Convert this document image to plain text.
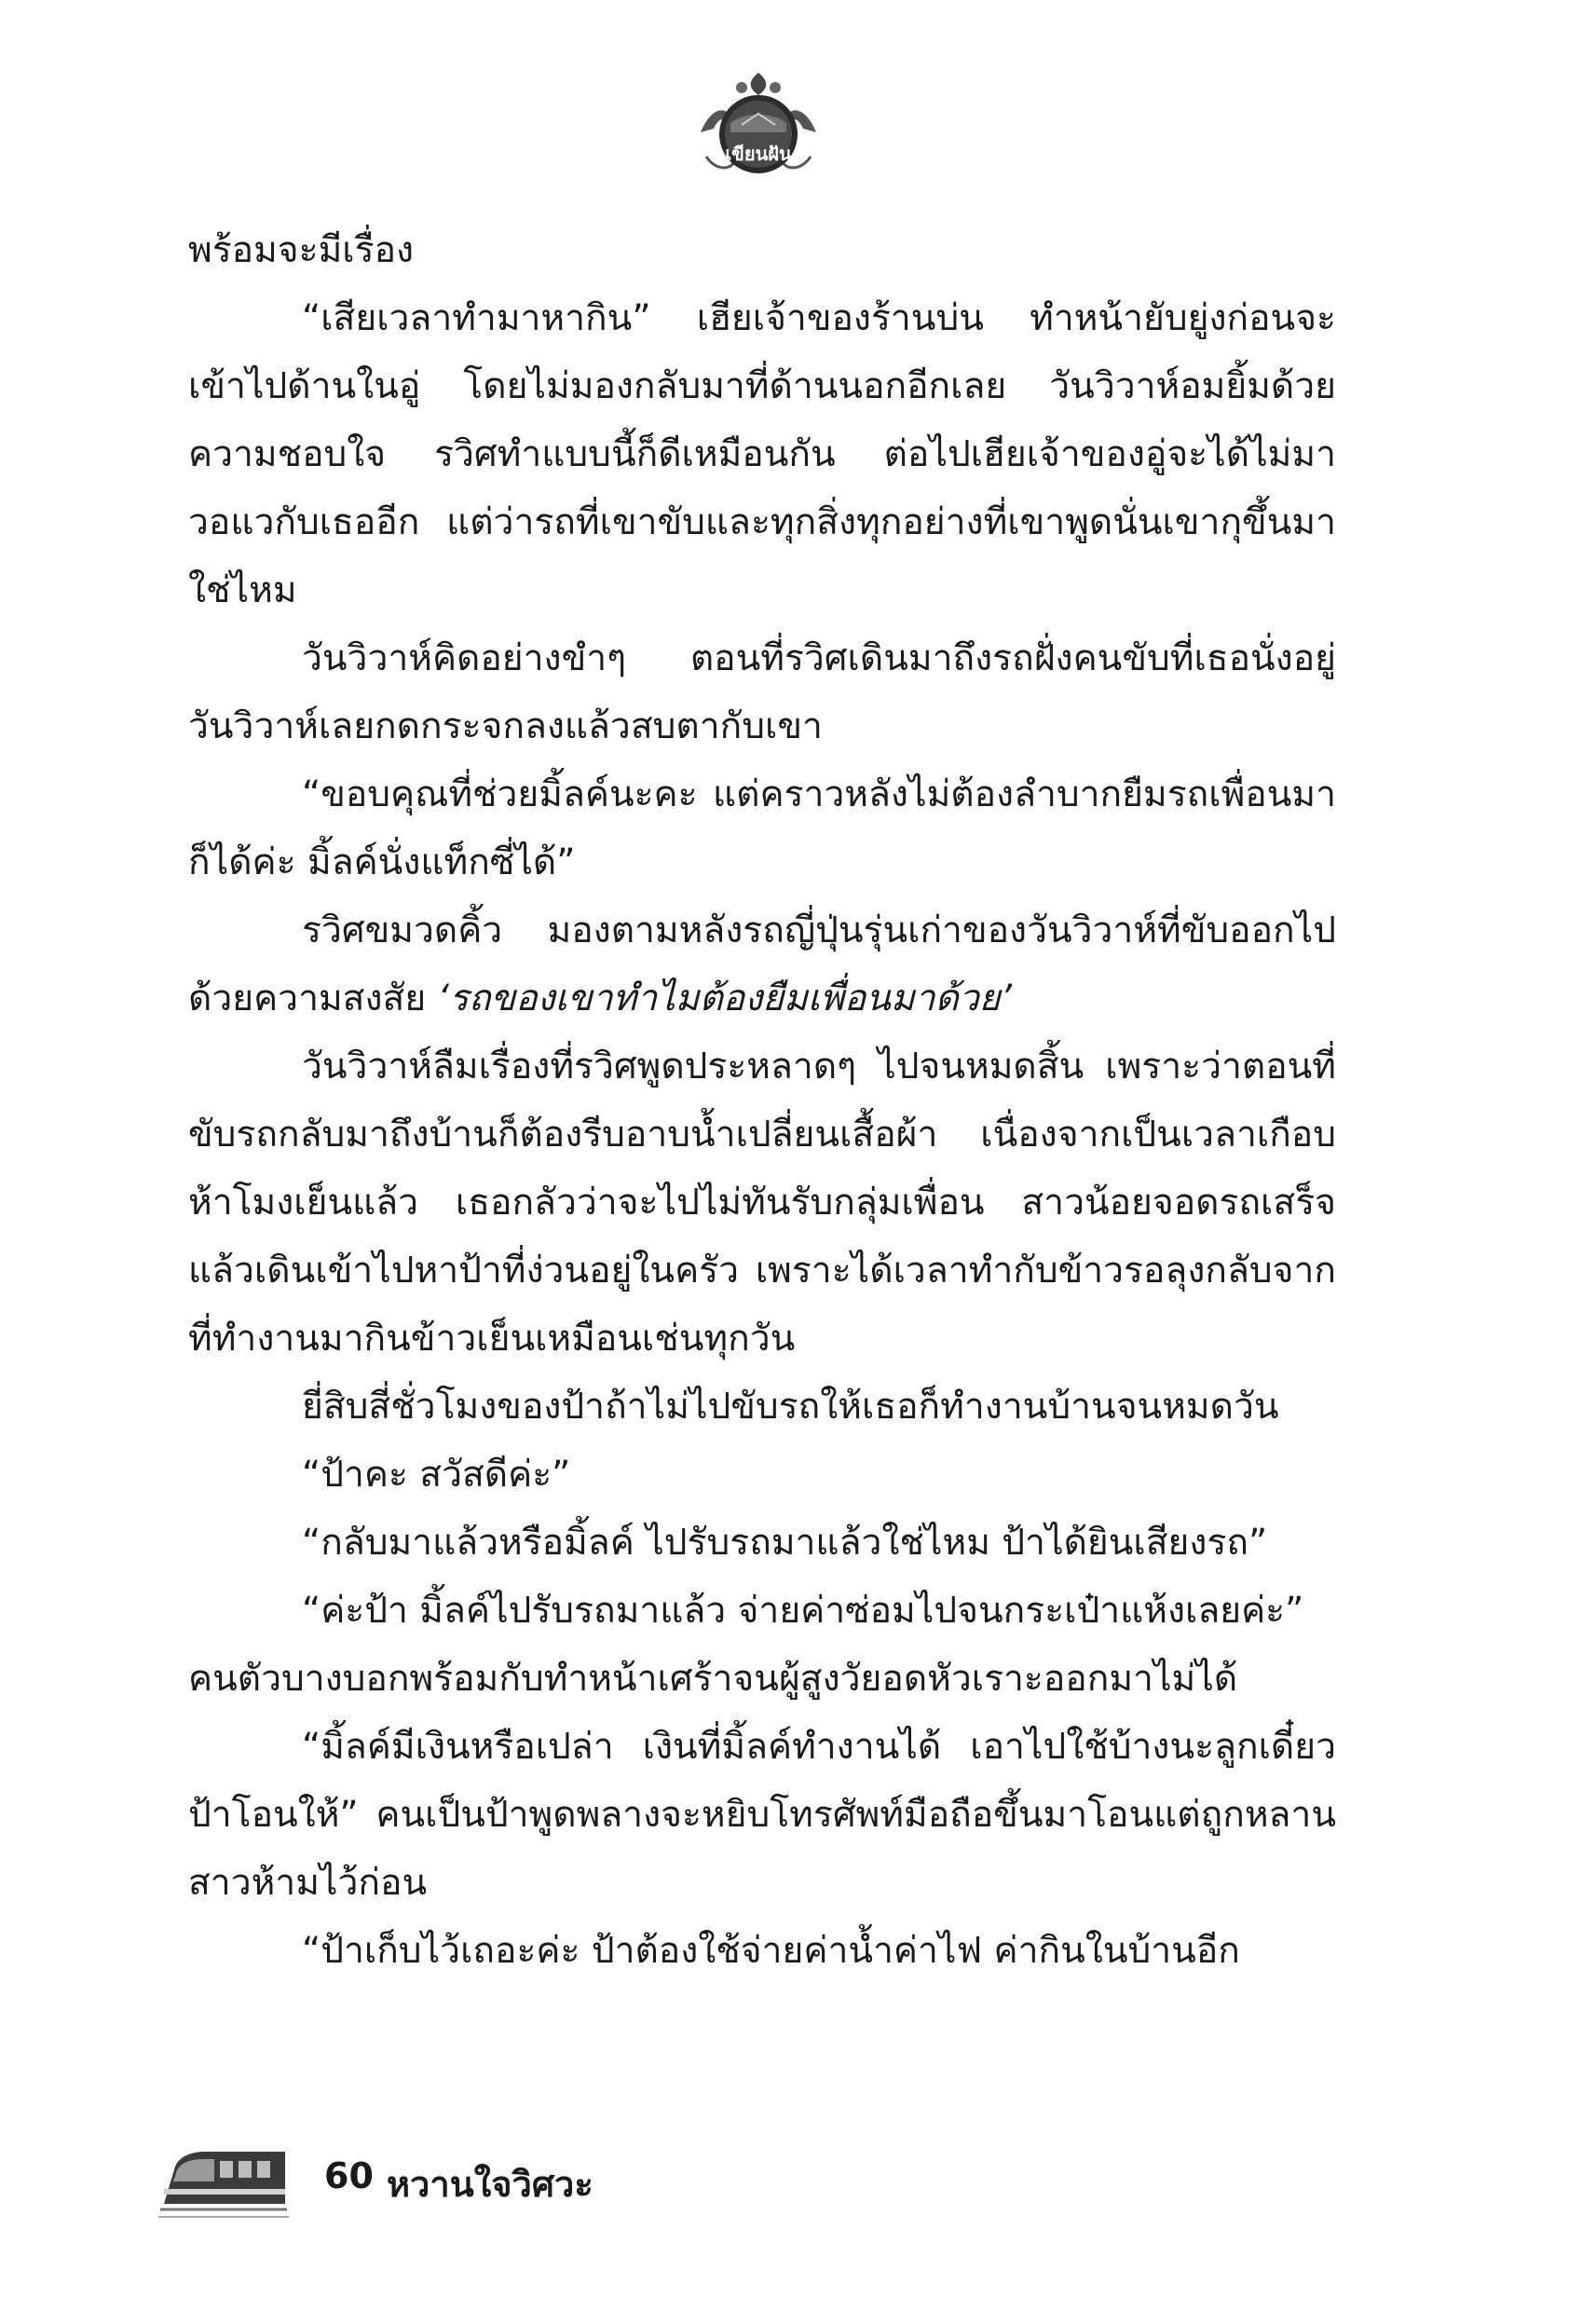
เขียนฝัน

พร้อมจะมีเรื่อง

“เสียเวลาทำมาหากิน” เฮียเจ้าของร้านบ่น ทำหน้ายับยู่งก่อนจะเข้าไปด้านในอู่ โดยไม่มองกลับมาที่ด้านนอกอีกเลย วันวิวาห์อมยิ้มด้วยความชอบใจ รวิศทำแบบนี้ก็ดีเหมือนกัน ต่อไปเฮียเจ้าของอู่จะได้ไม่มาวอแวกับเธออีก แต่ว่ารถที่เขาขับและทุกสิ่งทุกอย่างที่เขาพูดนั่นเขากุขึ้นมาใช่ไหม

วันวิวาห์คิดอย่างขำๆ ตอนที่รวิศเดินมาถึงรถฝั่งคนขับที่เธอนั่งอยู่ วันวิวาห์เลยกดกระจกลงแล้วสบตากับเขา

“ขอบคุณที่ช่วยมิ้ลค์นะคะ แต่คราวหลังไม่ต้องลำบากยืมรถเพื่อนมาก็ได้ค่ะ มิ้ลค์นั่งแท็กซี่ได้”

รวิศขมวดคิ้ว มองตามหลังรถญี่ปุ่นรุ่นเก่าของวันวิวาห์ที่ขับออกไปด้วยความสงสัย ‘รถของเขาทำไมต้องยืมเพื่อนมาด้วย’

วันวิวาห์ลืมเรื่องที่รวิศพูดประหลาดๆ ไปจนหมดสิ้น เพราะว่าตอนที่ขับรถกลับมาถึงบ้านก็ต้องรีบอาบน้ำเปลี่ยนเสื้อผ้า เนื่องจากเป็นเวลาเกือบห้าโมงเย็นแล้ว เธอกลัวว่าจะไปไม่ทันรับกลุ่มเพื่อน สาวน้อยจอดรถเสร็จแล้วเดินเข้าไปหาป้าที่ง่วนอยู่ในครัว เพราะได้เวลาทำกับข้าวรอลุงกลับจากที่ทำงานมากินข้าวเย็นเหมือนเช่นทุกวัน

ยี่สิบสี่ชั่วโมงของป้าถ้าไม่ไปขับรถให้เธอก็ทำงานบ้านจนหมดวัน

“ป้าคะ สวัสดีค่ะ”

“กลับมาแล้วหรือมิ้ลค์ ไปรับรถมาแล้วใช่ไหม ป้าได้ยินเสียงรถ”

“ค่ะป้า มิ้ลค์ไปรับรถมาแล้ว จ่ายค่าซ่อมไปจนกระเป๋าแห้งเลยค่ะ”

คนตัวบางบอกพร้อมกับทำหน้าเศร้าจนผู้สูงวัยอดหัวเราะออกมาไม่ได้

“มิ้ลค์มีเงินหรือเปล่า เงินที่มิ้ลค์ทำงานได้ เอาไปใช้บ้างนะลูกเดี๋ยวป้าโอนให้” คนเป็นป้าพูดพลางจะหยิบโทรศัพท์มือถือขึ้นมาโอนแต่ถูกหลานสาวห้ามไว้ก่อน

“ป้าเก็บไว้เถอะค่ะ ป้าต้องใช้จ่ายค่าน้ำค่าไฟ ค่ากินในบ้านอีก

60 หวานใจวิศวะ
